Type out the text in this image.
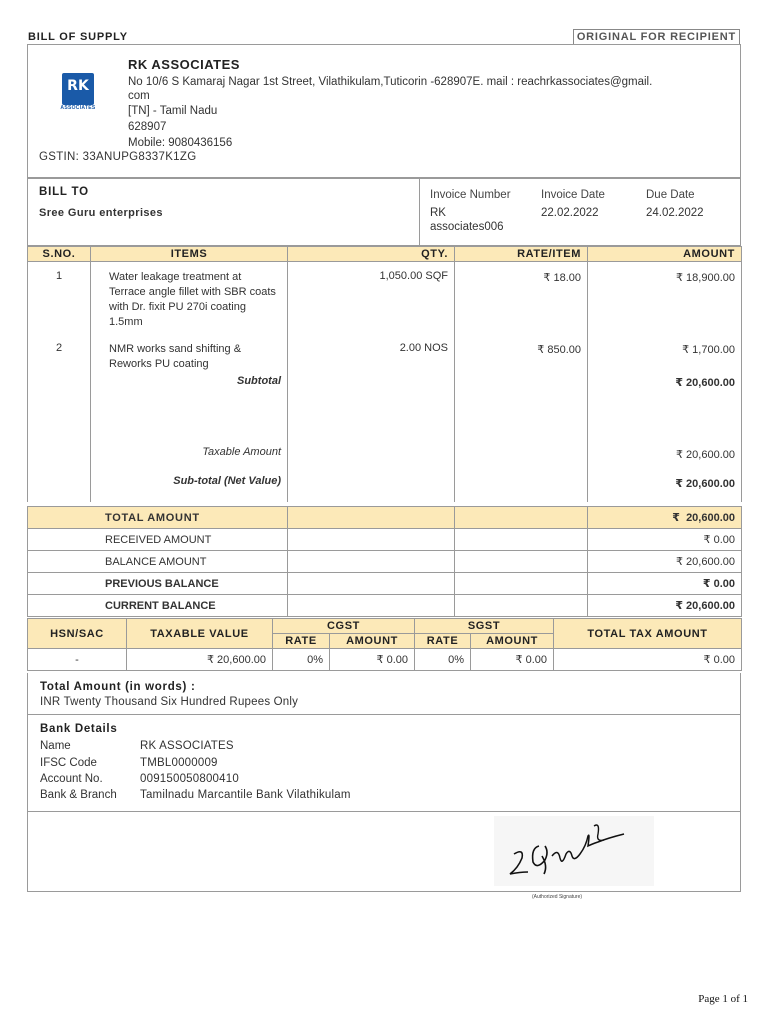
BILL OF SUPPLY	ORIGINAL FOR RECIPIENT
RK
ASSOCIATES
RK ASSOCIATES
No 10/6 S Kamaraj Nagar 1st Street, Vilathikulam,Tuticorin -628907E. mail : reachrkassociates@gmail.
com
[TN] - Tamil Nadu
628907
Mobile: 9080436156
GSTIN: 33ANUPG8337K1ZG
BILL TO
Sree Guru enterprises
Invoice Number
RK
associates006
Invoice Date
22.02.2022
Due Date
24.02.2022
S.NO.	ITEMS	QTY.	RATE/ITEM	AMOUNT
1	Water leakage treatment at Terrace angle fillet with SBR coats with Dr. fixit PU 270i coating 1.5mm	1,050.00 SQF	₹ 18.00	₹ 18,900.00
2	NMR works sand shifting & Reworks PU coating	2.00 NOS	₹ 850.00	₹ 1,700.00
	Subtotal			₹ 20,600.00
	Taxable Amount			₹ 20,600.00
	Sub-total (Net Value)			₹ 20,600.00
TOTAL AMOUNT			₹  20,600.00
RECEIVED AMOUNT			₹ 0.00
BALANCE AMOUNT			₹ 20,600.00
PREVIOUS BALANCE			₹ 0.00
CURRENT BALANCE			₹ 20,600.00
HSN/SAC	TAXABLE VALUE	CGST		SGST		TOTAL TAX AMOUNT
		RATE	AMOUNT	RATE	AMOUNT	
-	₹ 20,600.00	0%	₹ 0.00	0%	₹ 0.00	₹ 0.00
Total Amount (in words) :
INR Twenty Thousand Six Hundred Rupees Only
Bank Details
Name	RK ASSOCIATES
IFSC Code	TMBL0000009
Account No.	009150050800410
Bank & Branch Tamilnadu Marcantile Bank Vilathikulam
(Authorized Signature)
Page 1 of 1
